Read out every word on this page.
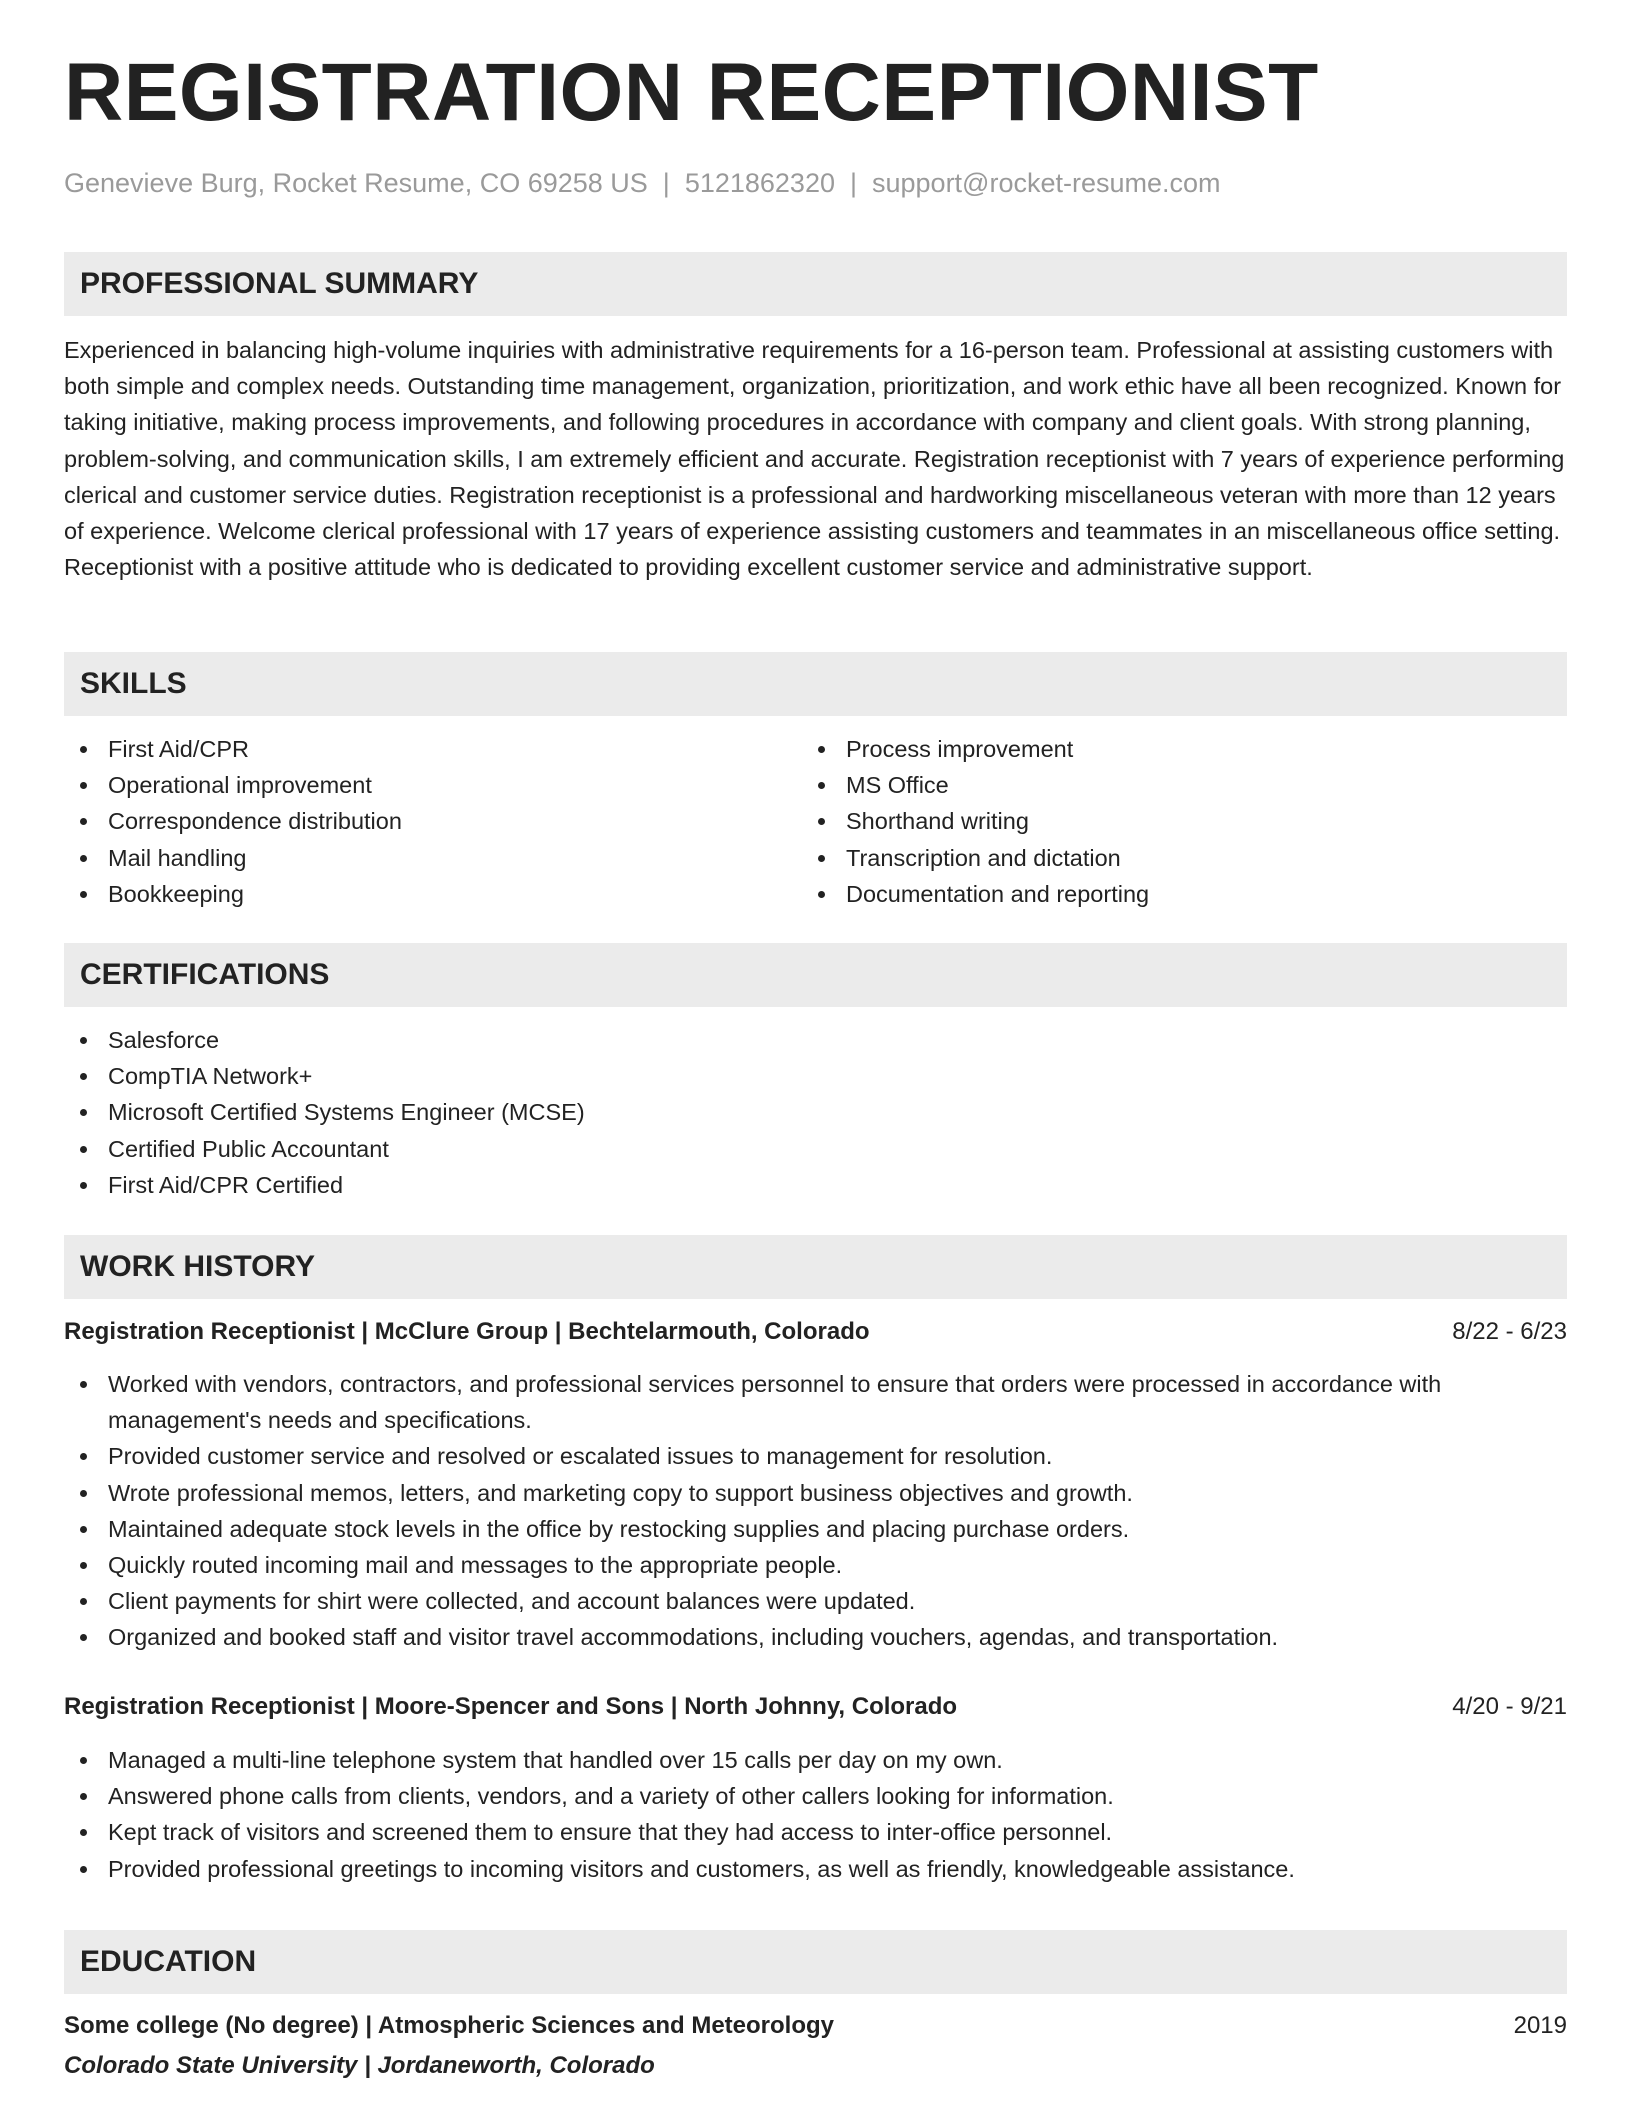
REGISTRATION RECEPTIONIST
Genevieve Burg, Rocket Resume, CO 69258 US | 5121862320 | support@rocket-resume.com
PROFESSIONAL SUMMARY

Experienced in balancing high-volume inquiries with administrative requirements for a 16-person team. Professional at assisting customers with both simple and complex needs. Outstanding time management, organization, prioritization, and work ethic have all been recognized. Known for taking initiative, making process improvements, and following procedures in accordance with company and client goals. With strong planning, problem-solving, and communication skills, I am extremely efficient and accurate. Registration receptionist with 7 years of experience performing clerical and customer service duties. Registration receptionist is a professional and hardworking miscellaneous veteran with more than 12 years of experience. Welcome clerical professional with 17 years of experience assisting customers and teammates in an miscellaneous office setting. Receptionist with a positive attitude who is dedicated to providing excellent customer service and administrative support.

SKILLS
First Aid/CPR
Operational improvement
Correspondence distribution
Mail handling
Bookkeeping
Process improvement
MS Office
Shorthand writing
Transcription and dictation
Documentation and reporting
CERTIFICATIONS
Salesforce
CompTIA Network+
Microsoft Certified Systems Engineer (MCSE)
Certified Public Accountant
First Aid/CPR Certified
WORK HISTORY
Registration Receptionist | McClure Group | Bechtelarmouth, Colorado	8/22 - 6/23
Worked with vendors, contractors, and professional services personnel to ensure that orders were processed in accordance with management's needs and specifications.
Provided customer service and resolved or escalated issues to management for resolution.
Wrote professional memos, letters, and marketing copy to support business objectives and growth.
Maintained adequate stock levels in the office by restocking supplies and placing purchase orders.
Quickly routed incoming mail and messages to the appropriate people.
Client payments for shirt were collected, and account balances were updated.
Organized and booked staff and visitor travel accommodations, including vouchers, agendas, and transportation.
Registration Receptionist | Moore-Spencer and Sons | North Johnny, Colorado	4/20 - 9/21
Managed a multi-line telephone system that handled over 15 calls per day on my own.
Answered phone calls from clients, vendors, and a variety of other callers looking for information.
Kept track of visitors and screened them to ensure that they had access to inter-office personnel.
Provided professional greetings to incoming visitors and customers, as well as friendly, knowledgeable assistance.
EDUCATION
Some college (No degree) | Atmospheric Sciences and Meteorology	2019
Colorado State University | Jordaneworth, Colorado
